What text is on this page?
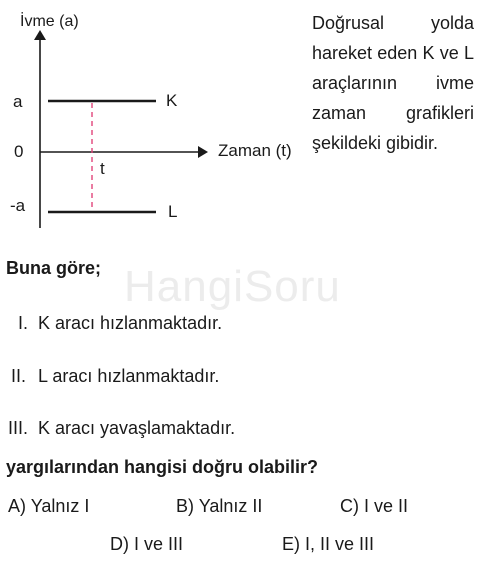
İvme (a)
a
0
-a
Zaman (t)
t
K
L
Doğrusal yolda hareket eden K ve L araçlarının ivme zaman grafikleri şekildeki gibidir.
HangiSoru
Buna göre;
I. K aracı hızlanmaktadır.
II. L aracı hızlanmaktadır.
III. K aracı yavaşlamaktadır.
yargılarından hangisi doğru olabilir?
A) Yalnız I	B) Yalnız II	C) I ve II
D) I ve III	E) I, II ve III
